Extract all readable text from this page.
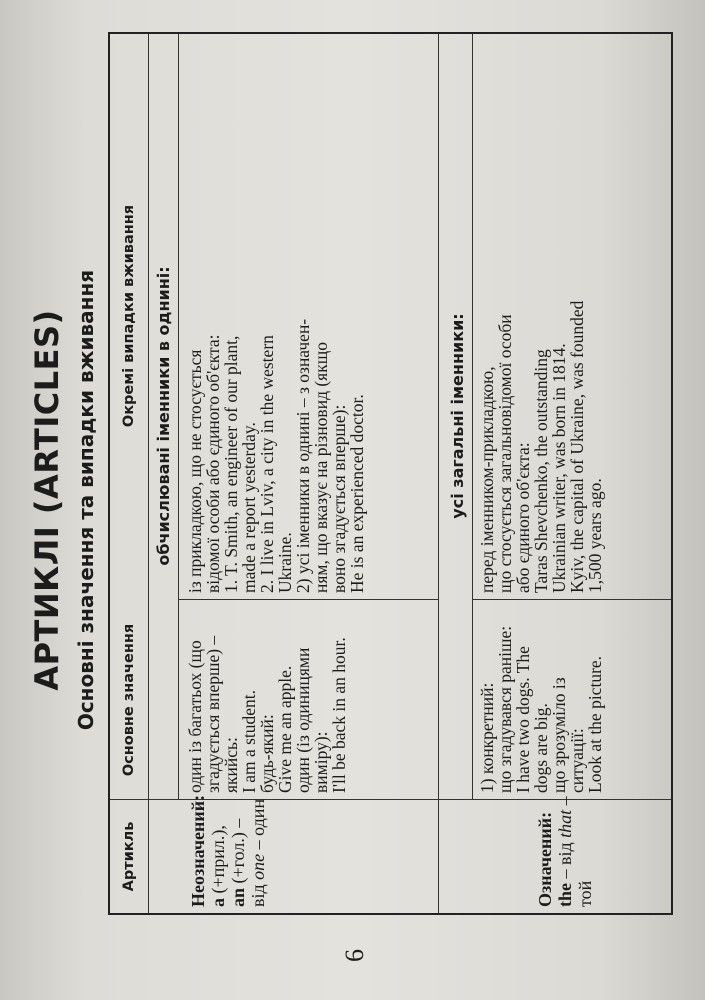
АРТИКЛІ (ARTICLES) Основні значення та випадки вживання
Артикль
Основне значення
Окремі випадки вживання	обчислювані іменники в однині:
Неозначений: a (+прил.),
an (+гол.) –
від one – один
один із багатьох (що
згадується вперше) –
якийсь:
I am a student.
будь-який:
Give me an apple.
один (із одиницями
виміру):
I'll be back in an hour.
із прикладкою, що не стосується
відомої особи або єдиного об'єкта:
1. T. Smith, an engineer of our plant,
made a report yesterday.
2. I live in Lviv, a city in the western
Ukraine.
2) усі іменники в однині – з означен-
ням, що вказує на різновид (якщо
воно згадується вперше):
He is an experienced doctor.	усі загальні іменники:
Означений: the – від that –
той
1) конкретний:
що згадувався раніше:
I have two dogs. The
dogs are big.
що зрозуміло із
ситуації:
Look at the picture.
перед іменником-прикладкою,
що стосується загальновідомої особи
або єдиного об'єкта:
Taras Shevchenko, the outstanding
Ukrainian writer, was born in 1814.
Kyiv, the capital of Ukraine, was founded
1,500 years ago.
6
